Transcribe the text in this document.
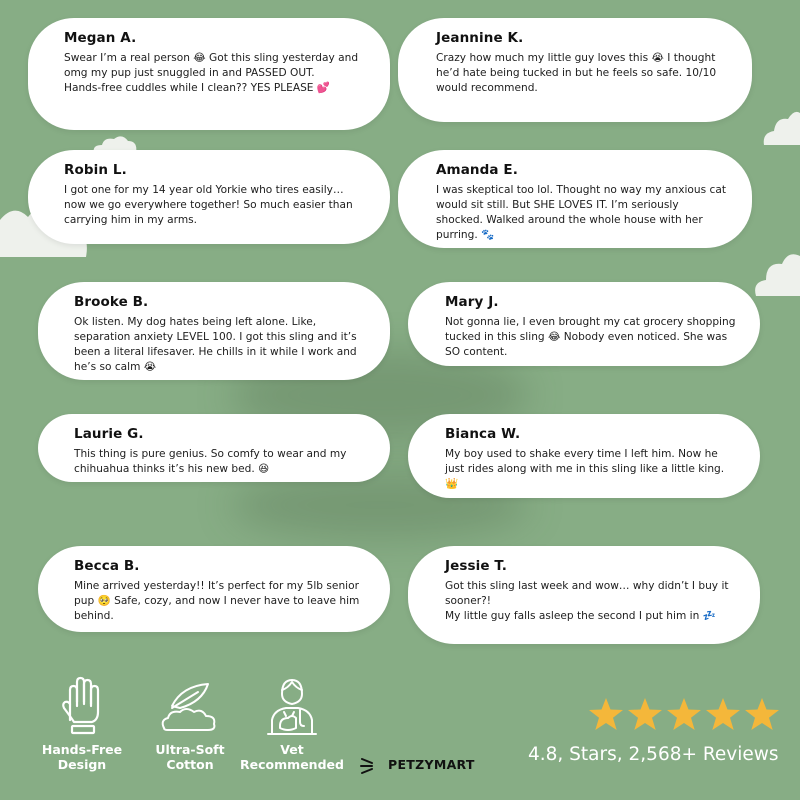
Megan A.

Swear I’m a real person 😂 Got this sling yesterday and omg my pup just snuggled in and PASSED OUT.
Hands-free cuddles while I clean?? YES PLEASE 💕

Jeannine K.

Crazy how much my little guy loves this 😭 I thought he’d hate being tucked in but he feels so safe. 10/10 would recommend.

Robin L.

I got one for my 14 year old Yorkie who tires easily… now we go everywhere together! So much easier than carrying him in my arms.

Amanda E.

I was skeptical too lol. Thought no way my anxious cat would sit still. But SHE LOVES IT. I’m seriously shocked. Walked around the whole house with her purring. 🐾

Brooke B.

Ok listen. My dog hates being left alone. Like, separation anxiety LEVEL 100. I got this sling and it’s been a literal lifesaver. He chills in it while I work and he’s so calm 😭

Mary J.

Not gonna lie, I even brought my cat grocery shopping tucked in this sling 😂 Nobody even noticed. She was SO content.

Laurie G.

This thing is pure genius. So comfy to wear and my chihuahua thinks it’s his new bed. 😆

Bianca W.

My boy used to shake every time I left him. Now he just rides along with me in this sling like a little king. 👑

Becca B.

Mine arrived yesterday!! It’s perfect for my 5lb senior pup 🥺 Safe, cozy, and now I never have to leave him behind.

Jessie T.

Got this sling last week and wow… why didn’t I buy it sooner?!
My little guy falls asleep the second I put him in 💤

Hands-Free
Design
Ultra-Soft
Cotton
Vet
Recommended	PETZYMART	4.8, Stars, 2,568+ Reviews
